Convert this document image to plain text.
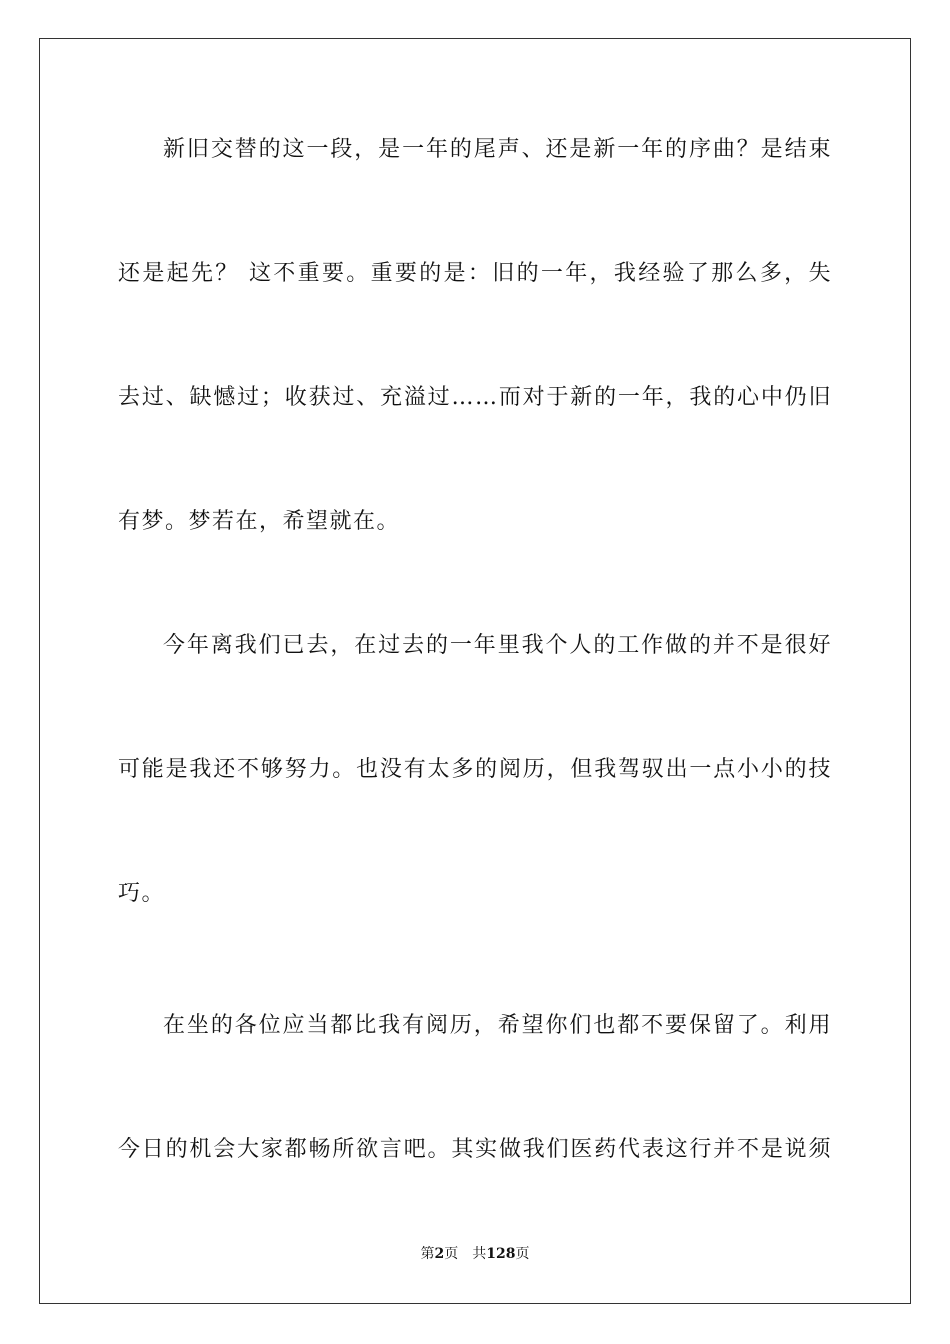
新旧交替的这一段，是一年的尾声、还是新一年的序曲？是结束
还是起先？ 这不重要。重要的是：旧的一年，我经验了那么多，失
去过、缺憾过；收获过、充溢过……而对于新的一年，我的心中仍旧
有梦。梦若在，希望就在。
今年离我们已去，在过去的一年里我个人的工作做的并不是很好
可能是我还不够努力。也没有太多的阅历，但我驾驭出一点小小的技
巧。
在坐的各位应当都比我有阅历，希望你们也都不要保留了。利用
今日的机会大家都畅所欲言吧。其实做我们医药代表这行并不是说须
第2页 共128页
